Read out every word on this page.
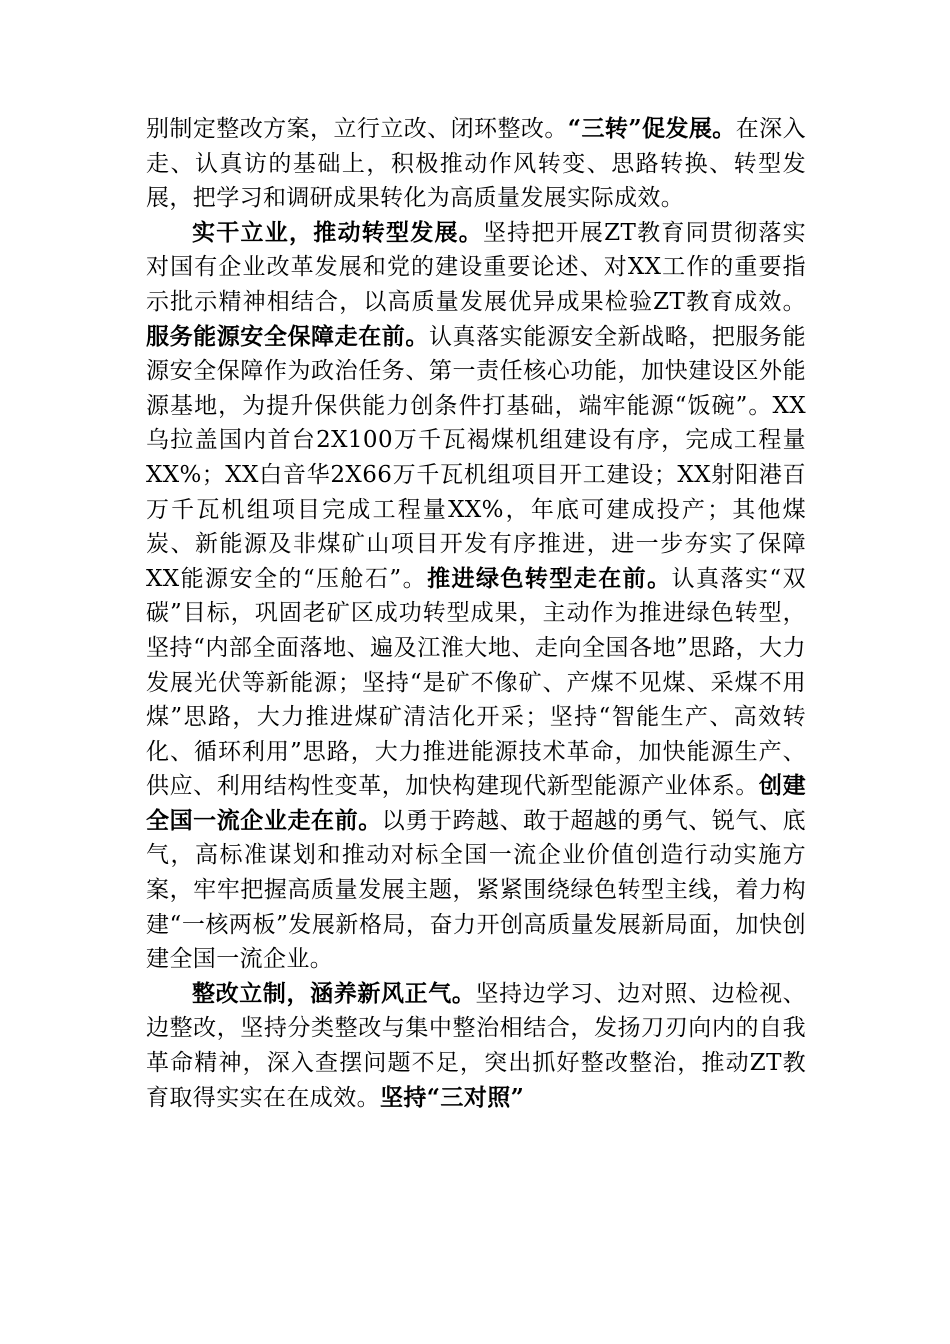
别制定整改方案，立行立改、闭环整改。“三转”促发展。在深入走、认真访的基础上，积极推动作风转变、思路转换、转型发展，把学习和调研成果转化为高质量发展实际成效。

实干立业，推动转型发展。坚持把开展ZT教育同贯彻落实对国有企业改革发展和党的建设重要论述、对XX工作的重要指示批示精神相结合，以高质量发展优异成果检验ZT教育成效。服务能源安全保障走在前。认真落实能源安全新战略，把服务能源安全保障作为政治任务、第一责任核心功能，加快建设区外能源基地，为提升保供能力创条件打基础，端牢能源“饭碗”。XX乌拉盖国内首台2X100万千瓦褐煤机组建设有序，完成工程量XX%；XX白音华2X66万千瓦机组项目开工建设；XX射阳港百万千瓦机组项目完成工程量XX%，年底可建成投产；其他煤炭、新能源及非煤矿山项目开发有序推进，进一步夯实了保障XX能源安全的“压舱石”。推进绿色转型走在前。认真落实“双碳”目标，巩固老矿区成功转型成果，主动作为推进绿色转型，坚持“内部全面落地、遍及江淮大地、走向全国各地”思路，大力发展光伏等新能源；坚持“是矿不像矿、产煤不见煤、采煤不用煤”思路，大力推进煤矿清洁化开采；坚持“智能生产、高效转化、循环利用”思路，大力推进能源技术革命，加快能源生产、供应、利用结构性变革，加快构建现代新型能源产业体系。创建全国一流企业走在前。以勇于跨越、敢于超越的勇气、锐气、底气，高标准谋划和推动对标全国一流企业价值创造行动实施方案，牢牢把握高质量发展主题，紧紧围绕绿色转型主线，着力构建“一核两板”发展新格局，奋力开创高质量发展新局面，加快创建全国一流企业。

整改立制，涵养新风正气。坚持边学习、边对照、边检视、边整改，坚持分类整改与集中整治相结合，发扬刀刃向内的自我革命精神，深入查摆问题不足，突出抓好整改整治，推动ZT教育取得实实在在成效。坚持“三对照”
